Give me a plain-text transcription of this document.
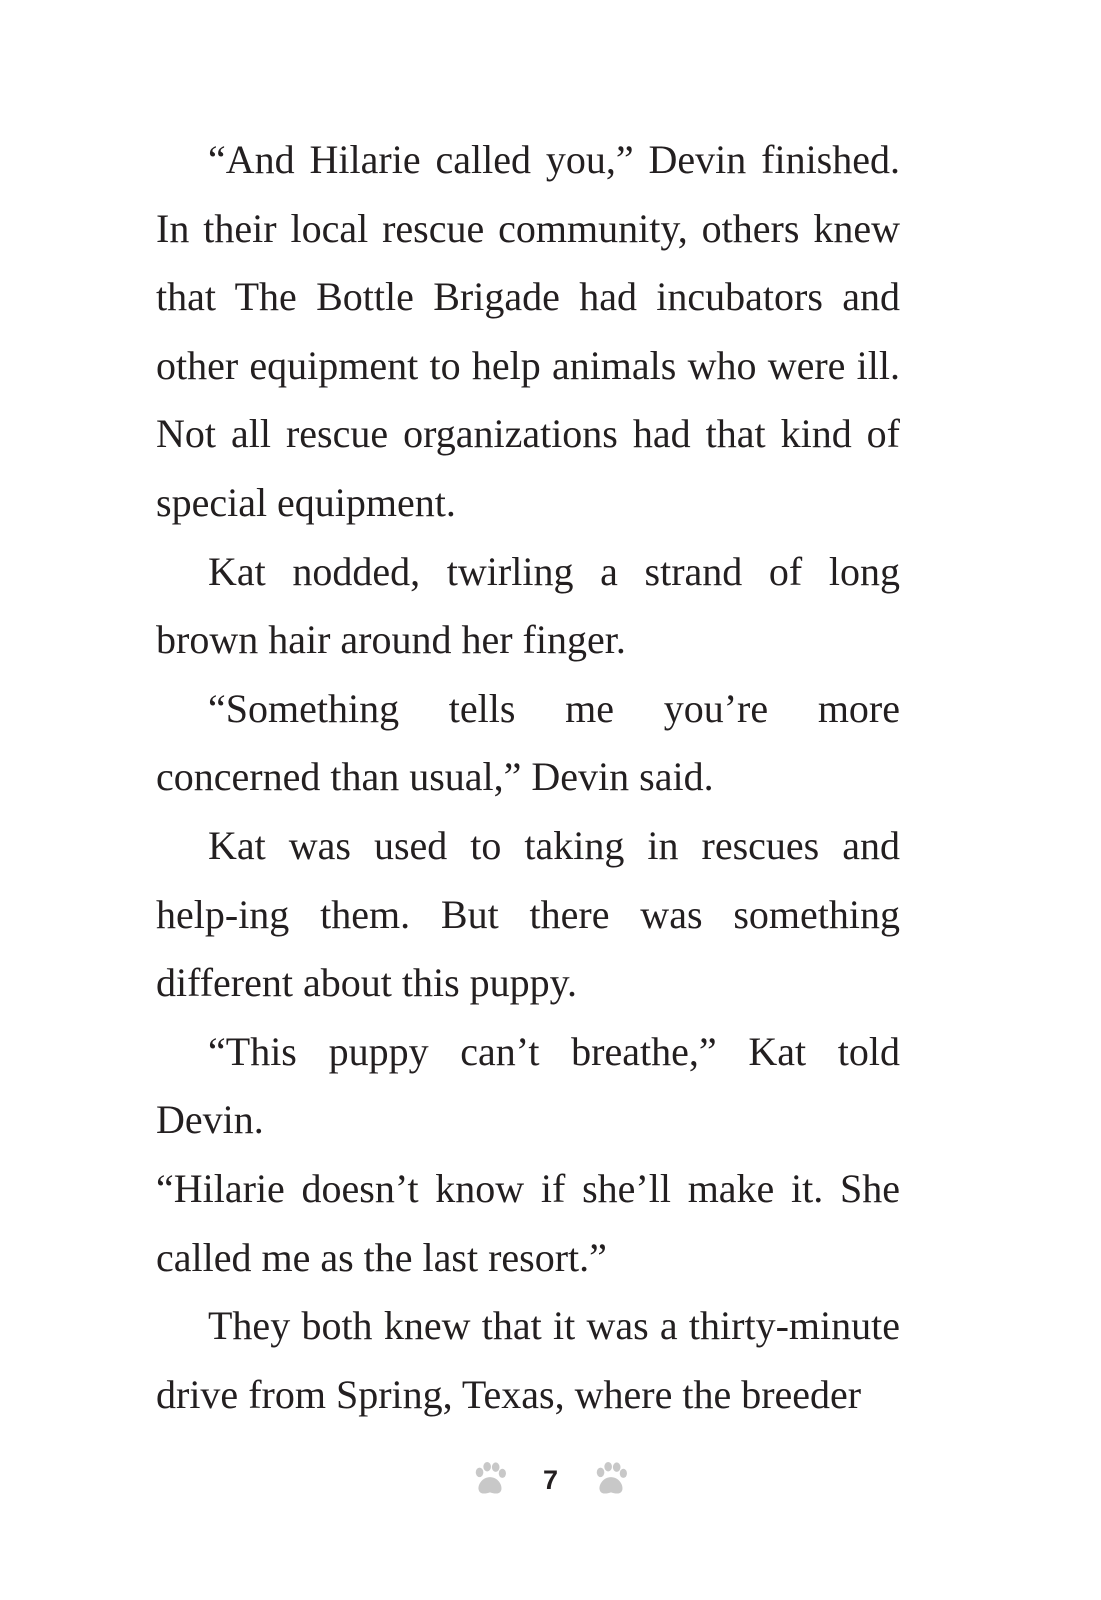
“And Hilarie called you,” Devin finished. In their local rescue community, others knew that The Bottle Brigade had incubators and other equipment to help animals who were ill. Not all rescue organizations had that kind of special equipment.

Kat nodded, twirling a strand of long brown hair around her finger.

“Something tells me you’re more concerned than usual,” Devin said.

Kat was used to taking in rescues and help-ing them. But there was something different about this puppy.

“This puppy can’t breathe,” Kat told Devin.

“Hilarie doesn’t know if she’ll make it. She called me as the last resort.”

They both knew that it was a thirty-minute drive from Spring, Texas, where the breeder

7
